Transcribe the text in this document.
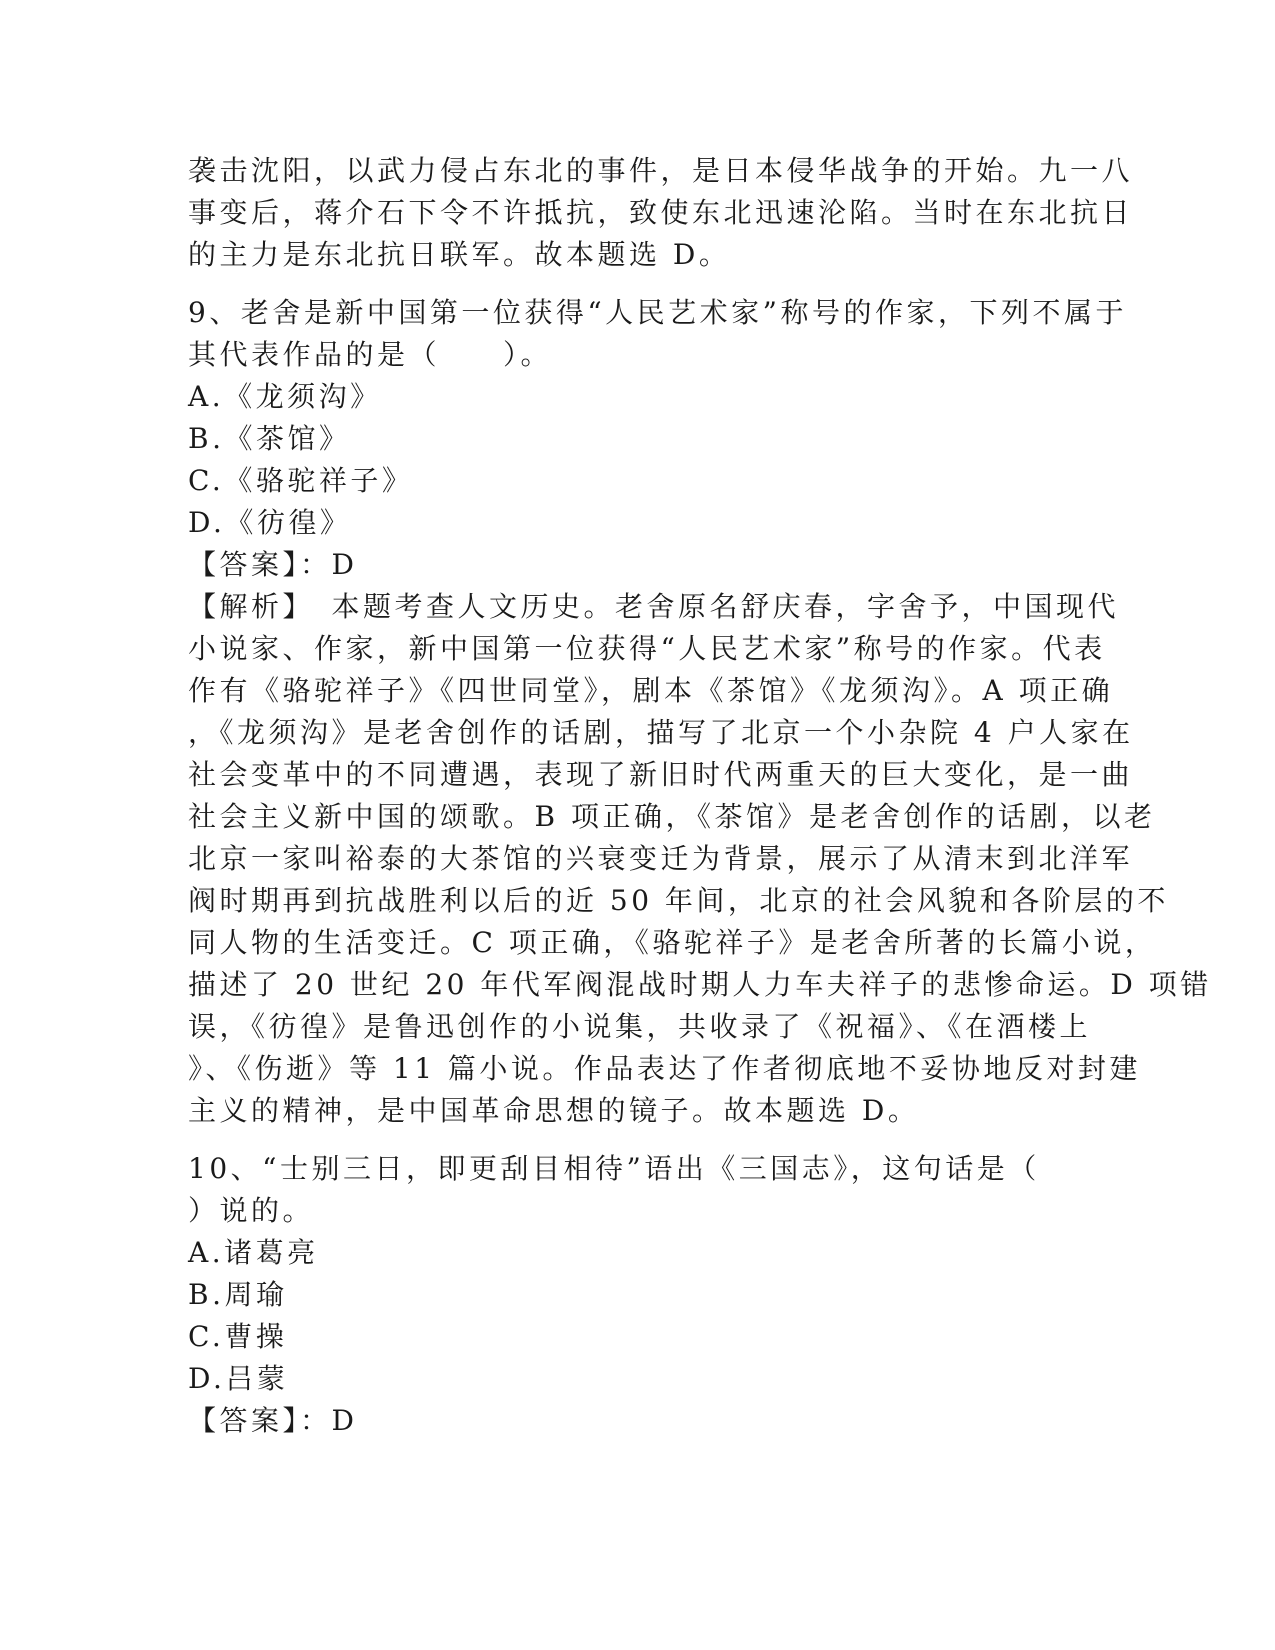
袭击沈阳，以武力侵占东北的事件，是日本侵华战争的开始。九一八
事变后，蒋介石下令不许抵抗，致使东北迅速沦陷。当时在东北抗日
的主力是东北抗日联军。故本题选 D。
9、老舍是新中国第一位获得“人民艺术家”称号的作家，下列不属于
其代表作品的是（　　）。
A.《龙须沟》
B.《茶馆》
C.《骆驼祥子》
D.《彷徨》
【答案】：D
【解析】　本题考查人文历史。老舍原名舒庆春，字舍予，中国现代
小说家、作家，新中国第一位获得“人民艺术家”称号的作家。代表
作有《骆驼祥子》《四世同堂》，剧本《茶馆》《龙须沟》。A 项正确
，《龙须沟》是老舍创作的话剧，描写了北京一个小杂院 4 户人家在
社会变革中的不同遭遇，表现了新旧时代两重天的巨大变化，是一曲
社会主义新中国的颂歌。B 项正确，《茶馆》是老舍创作的话剧，以老
北京一家叫裕泰的大茶馆的兴衰变迁为背景，展示了从清末到北洋军
阀时期再到抗战胜利以后的近 50 年间，北京的社会风貌和各阶层的不
同人物的生活变迁。C 项正确，《骆驼祥子》是老舍所著的长篇小说，
描述了 20 世纪 20 年代军阀混战时期人力车夫祥子的悲惨命运。D 项错
误，《彷徨》是鲁迅创作的小说集，共收录了《祝福》、《在酒楼上
》、《伤逝》等 11 篇小说。作品表达了作者彻底地不妥协地反对封建
主义的精神，是中国革命思想的镜子。故本题选 D。
10、“士别三日，即更刮目相待”语出《三国志》，这句话是（
）说的。
A.诸葛亮
B.周瑜
C.曹操
D.吕蒙
【答案】：D
